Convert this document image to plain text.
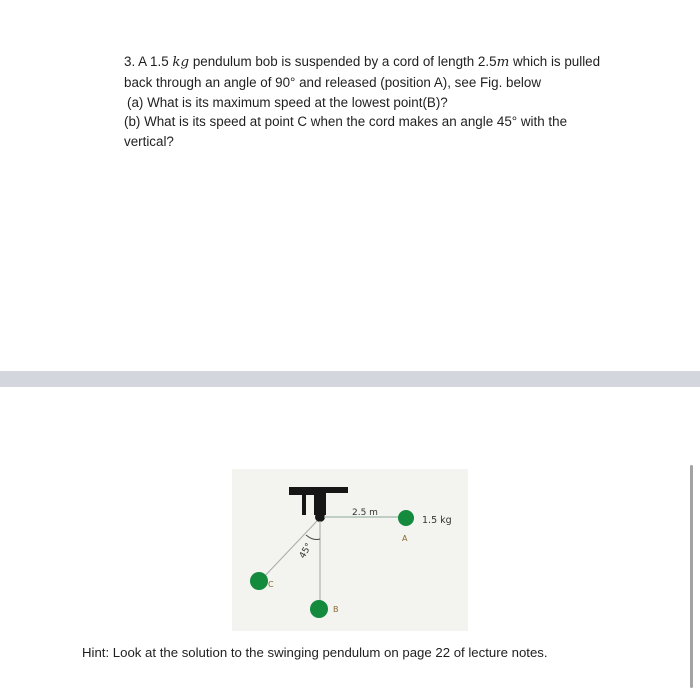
3. A 1.5 kg pendulum bob is suspended by a cord of length 2.5m which is pulled

back through an angle of 90° and released (position A), see Fig. below

(a) What is its maximum speed at the lowest point(B)?

(b) What is its speed at point C when the cord makes an angle 45° with the

vertical?

45°
2.5 m
1.5 kg
A
B
C
Hint: Look at the solution to the swinging pendulum on page 22 of lecture notes.
